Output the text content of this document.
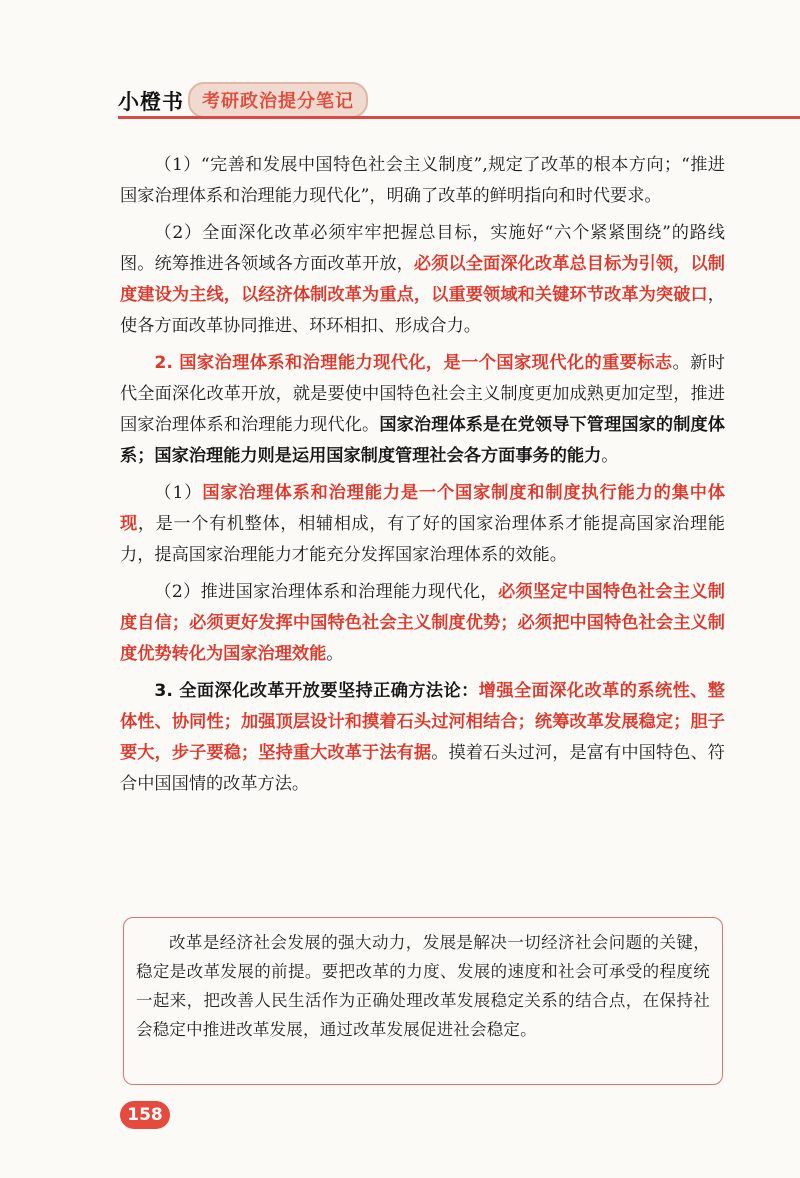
小橙书	考研政治提分笔记

（1）“完善和发展中国特色社会主义制度”,规定了改革的根本方向；“推进国家治理体系和治理能力现代化”，明确了改革的鲜明指向和时代要求。

（2）全面深化改革必须牢牢把握总目标，实施好“六个紧紧围绕”的路线图。统筹推进各领域各方面改革开放，必须以全面深化改革总目标为引领，以制度建设为主线，以经济体制改革为重点，以重要领域和关键环节改革为突破口，使各方面改革协同推进、环环相扣、形成合力。

2. 国家治理体系和治理能力现代化，是一个国家现代化的重要标志。新时代全面深化改革开放，就是要使中国特色社会主义制度更加成熟更加定型，推进国家治理体系和治理能力现代化。国家治理体系是在党领导下管理国家的制度体系；国家治理能力则是运用国家制度管理社会各方面事务的能力。

（1）国家治理体系和治理能力是一个国家制度和制度执行能力的集中体现，是一个有机整体，相辅相成，有了好的国家治理体系才能提高国家治理能力，提高国家治理能力才能充分发挥国家治理体系的效能。

（2）推进国家治理体系和治理能力现代化，必须坚定中国特色社会主义制度自信；必须更好发挥中国特色社会主义制度优势；必须把中国特色社会主义制度优势转化为国家治理效能。

3. 全面深化改革开放要坚持正确方法论：增强全面深化改革的系统性、整体性、协同性；加强顶层设计和摸着石头过河相结合；统筹改革发展稳定；胆子要大，步子要稳；坚持重大改革于法有据。摸着石头过河，是富有中国特色、符合中国国情的改革方法。

改革是经济社会发展的强大动力，发展是解决一切经济社会问题的关键，稳定是改革发展的前提。要把改革的力度、发展的速度和社会可承受的程度统一起来，把改善人民生活作为正确处理改革发展稳定关系的结合点，在保持社会稳定中推进改革发展，通过改革发展促进社会稳定。

158
